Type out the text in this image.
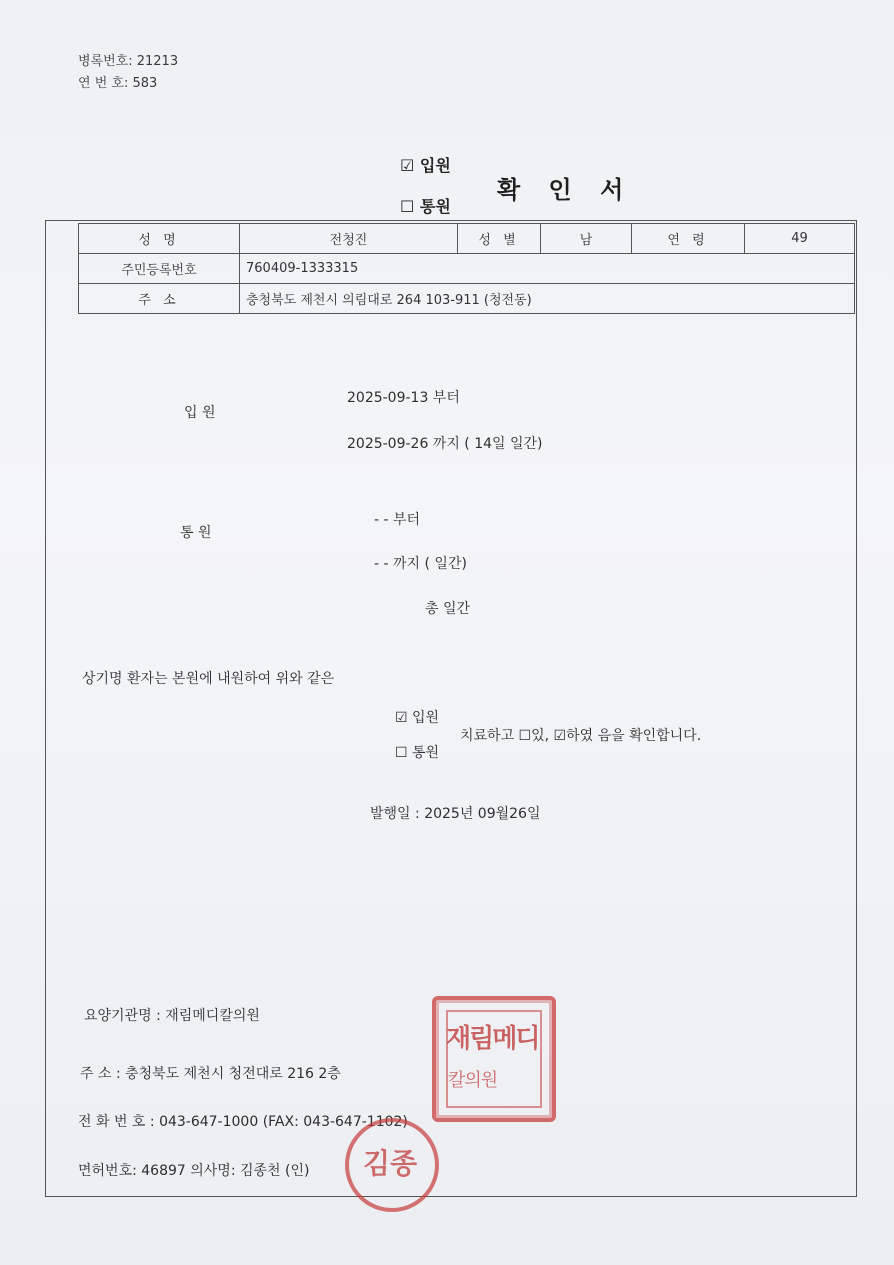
병록번호: 21213
연 번 호: 583
☑ 입원
☐ 통원
확 인 서
성 명	전청진	성 별	남	연 령	49
주민등록번호	760409-1333315				
주 소	충청북도 제천시 의림대로 264 103-911 (청전동)				
입 원
2025-09-13 부터
2025-09-26 까지 ( 14일 일간)
통 원
- - 부터
- - 까지 ( 일간)
총 일간
상기명 환자는 본원에 내원하여 위와 같은
☑ 입원
☐ 통원
치료하고 ☐있, ☑하였 음을 확인합니다.
발행일 : 2025년 09월26일
요양기관명 : 재림메디칼의원
주 소 : 충청북도 제천시 청전대로 216 2층
전 화 번 호 : 043-647-1000 (FAX: 043-647-1102)
면허번호: 46897 의사명: 김종천 (인)
재림메디
칼의원
김종
